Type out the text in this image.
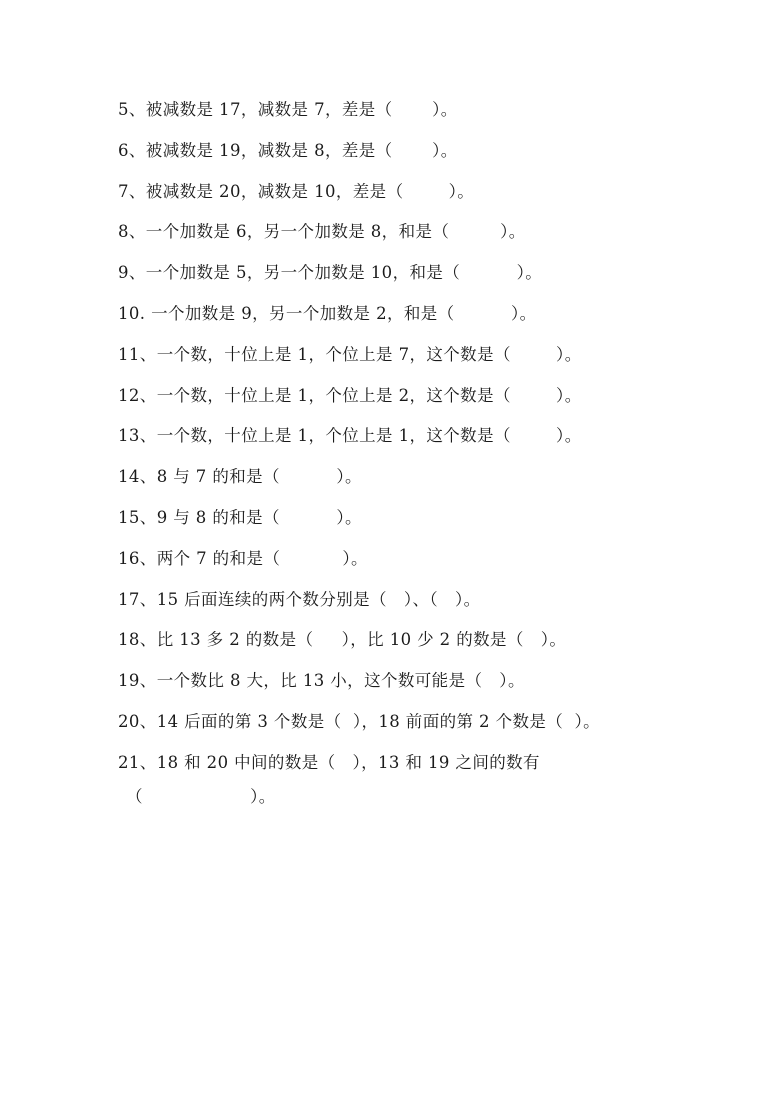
5、被减数是 17，减数是 7，差是（       ）。
6、被减数是 19，减数是 8，差是（       ）。
7、被减数是 20，减数是 10，差是（        ）。
8、一个加数是 6，另一个加数是 8，和是（         ）。
9、一个加数是 5，另一个加数是 10，和是（          ）。
10. 一个加数是 9，另一个加数是 2，和是（          ）。
11、一个数，十位上是 1，个位上是 7，这个数是（        ）。
12、一个数，十位上是 1，个位上是 2，这个数是（        ）。
13、一个数，十位上是 1，个位上是 1，这个数是（        ）。
14、8 与 7 的和是（          ）。
15、9 与 8 的和是（          ）。
16、两个 7 的和是（           ）。
17、15 后面连续的两个数分别是（   ）、（   ）。
18、比 13 多 2 的数是（     ），比 10 少 2 的数是（   ）。
19、一个数比 8 大，比 13 小，这个数可能是（   ）。
20、14 后面的第 3 个数是（  ），18 前面的第 2 个数是（  ）。
21、18 和 20 中间的数是（   ），13 和 19 之间的数有
（                   ）。
